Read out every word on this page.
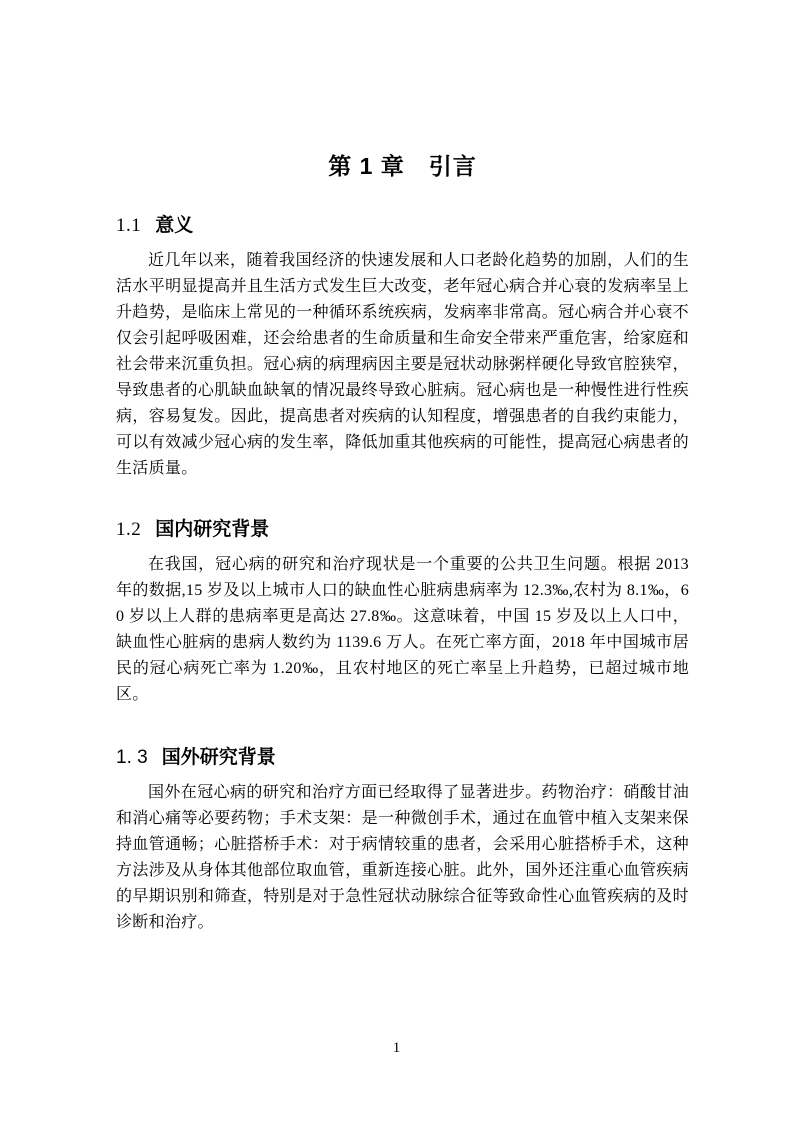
第 1 章　引言
1.1 意义

近几年以来，随着我国经济的快速发展和人口老龄化趋势的加剧，人们的生活水平明显提高并且生活方式发生巨大改变，老年冠心病合并心衰的发病率呈上升趋势，是临床上常见的一种循环系统疾病，发病率非常高。冠心病合并心衰不仅会引起呼吸困难，还会给患者的生命质量和生命安全带来严重危害，给家庭和社会带来沉重负担。冠心病的病理病因主要是冠状动脉粥样硬化导致官腔狭窄，导致患者的心肌缺血缺氧的情况最终导致心脏病。冠心病也是一种慢性进行性疾病，容易复发。因此，提高患者对疾病的认知程度，增强患者的自我约束能力，可以有效减少冠心病的发生率，降低加重其他疾病的可能性，提高冠心病患者的生活质量。

1.2 国内研究背景

在我国，冠心病的研究和治疗现状是一个重要的公共卫生问题。根据 2013 年的数据,15 岁及以上城市人口的缺血性心脏病患病率为 12.3‰,农村为 8.1‰，60 岁以上人群的患病率更是高达 27.8‰。这意味着，中国 15 岁及以上人口中，缺血性心脏病的患病人数约为 1139.6 万人。在死亡率方面，2018 年中国城市居民的冠心病死亡率为 1.20‰，且农村地区的死亡率呈上升趋势，已超过城市地区。

1. 3 国外研究背景

国外在冠心病的研究和治疗方面已经取得了显著进步。药物治疗：硝酸甘油和消心痛等必要药物；手术支架：是一种微创手术，通过在血管中植入支架来保持血管通畅；心脏搭桥手术：对于病情较重的患者，会采用心脏搭桥手术，这种方法涉及从身体其他部位取血管，重新连接心脏。此外，国外还注重心血管疾病的早期识别和筛查，特别是对于急性冠状动脉综合征等致命性心血管疾病的及时诊断和治疗。

1
